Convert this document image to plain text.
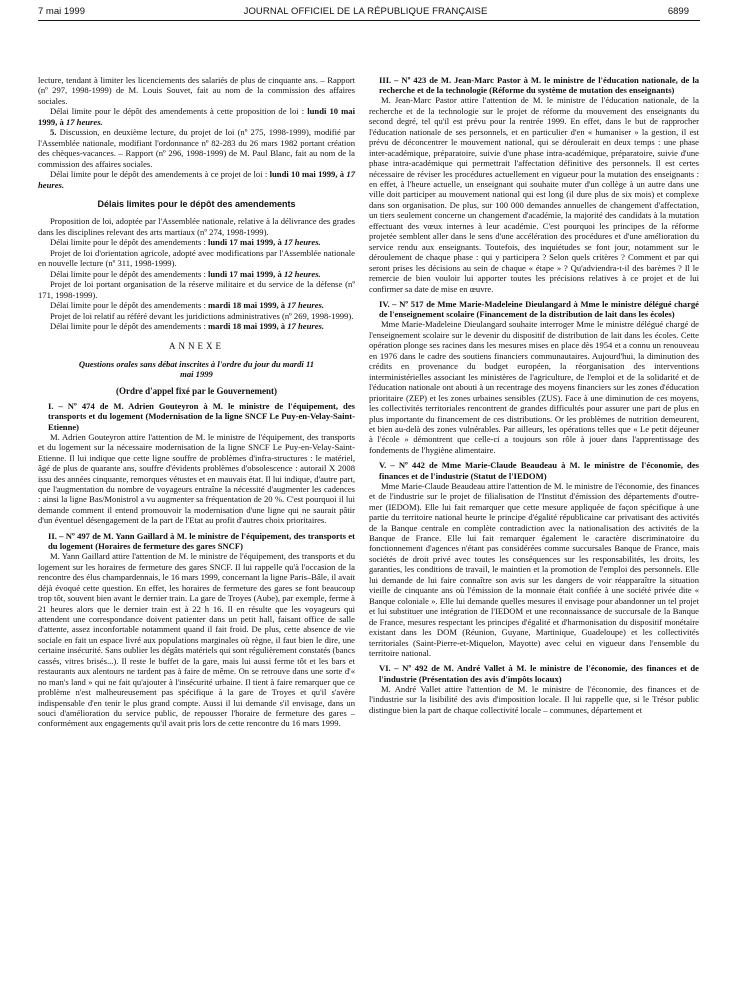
7 mai 1999	JOURNAL OFFICIEL DE LA RÉPUBLIQUE FRANÇAISE	6899

lecture, tendant à limiter les licenciements des salariés de plus de cinquante ans. – Rapport (nº 297, 1998-1999) de M. Louis Souvet, fait au nom de la commission des affaires sociales.

Délai limite pour le dépôt des amendements à cette proposition de loi : lundi 10 mai 1999, à 17 heures.

5. Discussion, en deuxième lecture, du projet de loi (nº 275, 1998-1999), modifié par l'Assemblée nationale, modifiant l'ordonnance nº 82-283 du 26 mars 1982 portant création des chèques-vacances. – Rapport (nº 296, 1998-1999) de M. Paul Blanc, fait au nom de la commission des affaires sociales.

Délai limite pour le dépôt des amendements à ce projet de loi : lundi 10 mai 1999, à 17 heures.

Délais limites pour le dépôt des amendements

Proposition de loi, adoptée par l'Assemblée nationale, relative à la délivrance des grades dans les disciplines relevant des arts martiaux (nº 274, 1998-1999).

Délai limite pour le dépôt des amendements : lundi 17 mai 1999, à 17 heures.

Projet de loi d'orientation agricole, adopté avec modifications par l'Assemblée nationale en nouvelle lecture (nº 311, 1998-1999).

Délai limite pour le dépôt des amendements : lundi 17 mai 1999, à 12 heures.

Projet de loi portant organisation de la réserve militaire et du service de la défense (nº 171, 1998-1999).

Délai limite pour le dépôt des amendements : mardi 18 mai 1999, à 17 heures.

Projet de loi relatif au référé devant les juridictions administratives (nº 269, 1998-1999).

Délai limite pour le dépôt des amendements : mardi 18 mai 1999, à 17 heures.

ANNEXE
Questions orales sans débat inscrites à l'ordre du jour du mardi 11 mai 1999
(Ordre d'appel fixé par le Gouvernement)

I. – Nº 474 de M. Adrien Gouteyron à M. le ministre de l'équipement, des transports et du logement (Modernisation de la ligne SNCF Le Puy-en-Velay-Saint-Etienne)

M. Adrien Gouteyron attire l'attention de M. le ministre de l'équipement, des transports et du logement sur la nécessaire modernisation de la ligne SNCF Le Puy-en-Velay-Saint-Etienne. Il lui indique que cette ligne souffre de problèmes d'infra-structures : le matériel, âgé de plus de quarante ans, souffre d'évidents problèmes d'obsolescence : autorail X 2008 issu des années cinquante, remorques vétustes et en mauvais état. Il lui indique, d'autre part, que l'augmentation du nombre de voyageurs entraîne la nécessité d'augmenter les cadences : ainsi la ligne Bas/Monistrol a vu augmenter sa fréquentation de 20 %. C'est pourquoi il lui demande comment il entend promouvoir la modernisation d'une ligne qui ne saurait pâtir d'un éventuel désengagement de la part de l'Etat au profit d'autres choix prioritaires.

II. – Nº 497 de M. Yann Gaillard à M. le ministre de l'équipement, des transports et du logement (Horaires de fermeture des gares SNCF)

M. Yann Gaillard attire l'attention de M. le ministre de l'équipement, des transports et du logement sur les horaires de fermeture des gares SNCF. Il lui rappelle qu'à l'occasion de la rencontre des élus champardennais, le 16 mars 1999, concernant la ligne Paris–Bâle, il avait déjà évoqué cette question. En effet, les horaires de fermeture des gares se font beaucoup trop tôt, souvent bien avant le dernier train. La gare de Troyes (Aube), par exemple, ferme à 21 heures alors que le dernier train est à 22 h 16. Il en résulte que les voyageurs qui attendent une correspondance doivent patienter dans un petit hall, faisant office de salle d'attente, assez inconfortable notamment quand il fait froid. De plus, cette absence de vie sociale en fait un espace livré aux populations marginales où règne, il faut bien le dire, une certaine insécurité. Sans oublier les dégâts matériels qui sont régulièrement constatés (bancs cassés, vitres brisés...). Il reste le buffet de la gare, mais lui aussi ferme tôt et les bars et restaurants aux alentours ne tardent pas à faire de même. On se retrouve dans une sorte d'« no man's land » qui ne fait qu'ajouter à l'insécurité urbaine. Il tient à faire remarquer que ce problème n'est malheureusement pas spécifique à la gare de Troyes et qu'il s'avère indispensable d'en tenir le plus grand compte. Aussi il lui demande s'il envisage, dans un souci d'amélioration du service public, de repousser l'horaire de fermeture des gares – conformément aux engagements qu'il avait pris lors de cette rencontre du 16 mars 1999.

III. – Nº 423 de M. Jean-Marc Pastor à M. le ministre de l'éducation nationale, de la recherche et de la technologie (Réforme du système de mutation des enseignants)

M. Jean-Marc Pastor attire l'attention de M. le ministre de l'éducation nationale, de la recherche et de la technologie sur le projet de réforme du mouvement des enseignants du second degré, tel qu'il est prévu pour la rentrée 1999. En effet, dans le but de rapprocher l'éducation nationale de ses personnels, et en particulier d'en « humaniser » la gestion, il est prévu de déconcentrer le mouvement national, qui se déroulerait en deux temps : une phase inter-académique, préparatoire, suivie d'une phase intra-académique, préparatoire, suivie d'une phase intra-académique qui permettrait l'affectation définitive des personnels. Il est certes nécessaire de réviser les procédures actuellement en vigueur pour la mutation des enseignants : en effet, à l'heure actuelle, un enseignant qui souhaite muter d'un collège à un autre dans une ville doit participer au mouvement national qui est long (il dure plus de six mois) et complexe dans son organisation. De plus, sur 100 000 demandes annuelles de changement d'affectation, un tiers seulement concerne un changement d'académie, la majorité des candidats à la mutation effectuant des vœux internes à leur académie. C'est pourquoi les principes de la réforme projetée semblent aller dans le sens d'une accélération des procédures et d'une amélioration du service rendu aux enseignants. Toutefois, des inquiétudes se font jour, notamment sur le déroulement de chaque phase : qui y participera ? Selon quels critères ? Comment et par qui seront prises les décisions au sein de chaque « étape » ? Qu'adviendra-t-il des barèmes ? Il le remercie de bien vouloir lui apporter toutes les précisions relatives à ce projet et de lui confirmer sa date de mise en œuvre.

IV. – Nº 517 de Mme Marie-Madeleine Dieulangard à Mme le ministre délégué chargé de l'enseignement scolaire (Financement de la distribution de lait dans les écoles)

Mme Marie-Madeleine Dieulangard souhaite interroger Mme le ministre délégué chargé de l'enseignement scolaire sur le devenir du dispositif de distribution de lait dans les écoles. Cette opération plonge ses racines dans les mesures mises en place dès 1954 et a connu un renouveau en 1976 dans le cadre des soutiens financiers communautaires. Aujourd'hui, la diminution des crédits en provenance du budget européen, la réorganisation des interventions interministérielles associant les ministères de l'agriculture, de l'emploi et de la solidarité et de l'éducation nationale ont abouti à un recentrage des moyens financiers sur les zones d'éducation prioritaire (ZEP) et les zones urbaines sensibles (ZUS). Face à une diminution de ces moyens, les collectivités territoriales rencontrent de grandes difficultés pour assurer une part de plus en plus importante du financement de ces distributions. Or les problèmes de nutrition demeurent, et bien au-delà des zones vulnérables. Par ailleurs, les opérations telles que « Le petit déjeuner à l'école » démontrent que celle-ci a toujours son rôle à jouer dans l'apprentissage des fondements de l'hygiène alimentaire.

V. – Nº 442 de Mme Marie-Claude Beaudeau à M. le ministre de l'économie, des finances et de l'industrie (Statut de l'IEDOM)

Mme Marie-Claude Beaudeau attire l'attention de M. le ministre de l'économie, des finances et de l'industrie sur le projet de filialisation de l'Institut d'émission des départements d'outre-mer (IEDOM). Elle lui fait remarquer que cette mesure appliquée de façon spécifique à une partie du territoire national heurte le principe d'égalité républicaine car privatisant des activités de la Banque centrale en complète contradiction avec la nationalisation des activités de la Banque de France. Elle lui fait remarquer également le caractère discriminatoire du fonctionnement d'agences n'étant pas considérées comme succursales Banque de France, mais sociétés de droit privé avec toutes les conséquences sur les responsabilités, les droits, les garanties, les conditions de travail, le maintien et la promotion de l'emploi des personnels. Elle lui demande de lui faire connaître son avis sur les dangers de voir réapparaître la situation vieille de cinquante ans où l'émission de la monnaie était confiée à une société privée dite « Banque coloniale ». Elle lui demande quelles mesures il envisage pour abandonner un tel projet et lui substituer une intégration de l'IEDOM et une reconnaissance de succursale de la Banque de France, mesures respectant les principes d'égalité et d'harmonisation du dispositif monétaire existant dans les DOM (Réunion, Guyane, Martinique, Guadeloupe) et les collectivités territoriales (Saint-Pierre-et-Miquelon, Mayotte) avec celui en vigueur dans l'ensemble du territoire national.

VI. – Nº 492 de M. André Vallet à M. le ministre de l'économie, des finances et de l'industrie (Présentation des avis d'impôts locaux)

M. André Vallet attire l'attention de M. le ministre de l'économie, des finances et de l'industrie sur la lisibilité des avis d'imposition locale. Il lui rappelle que, si le Trésor public distingue bien la part de chaque collectivité locale – communes, département et
